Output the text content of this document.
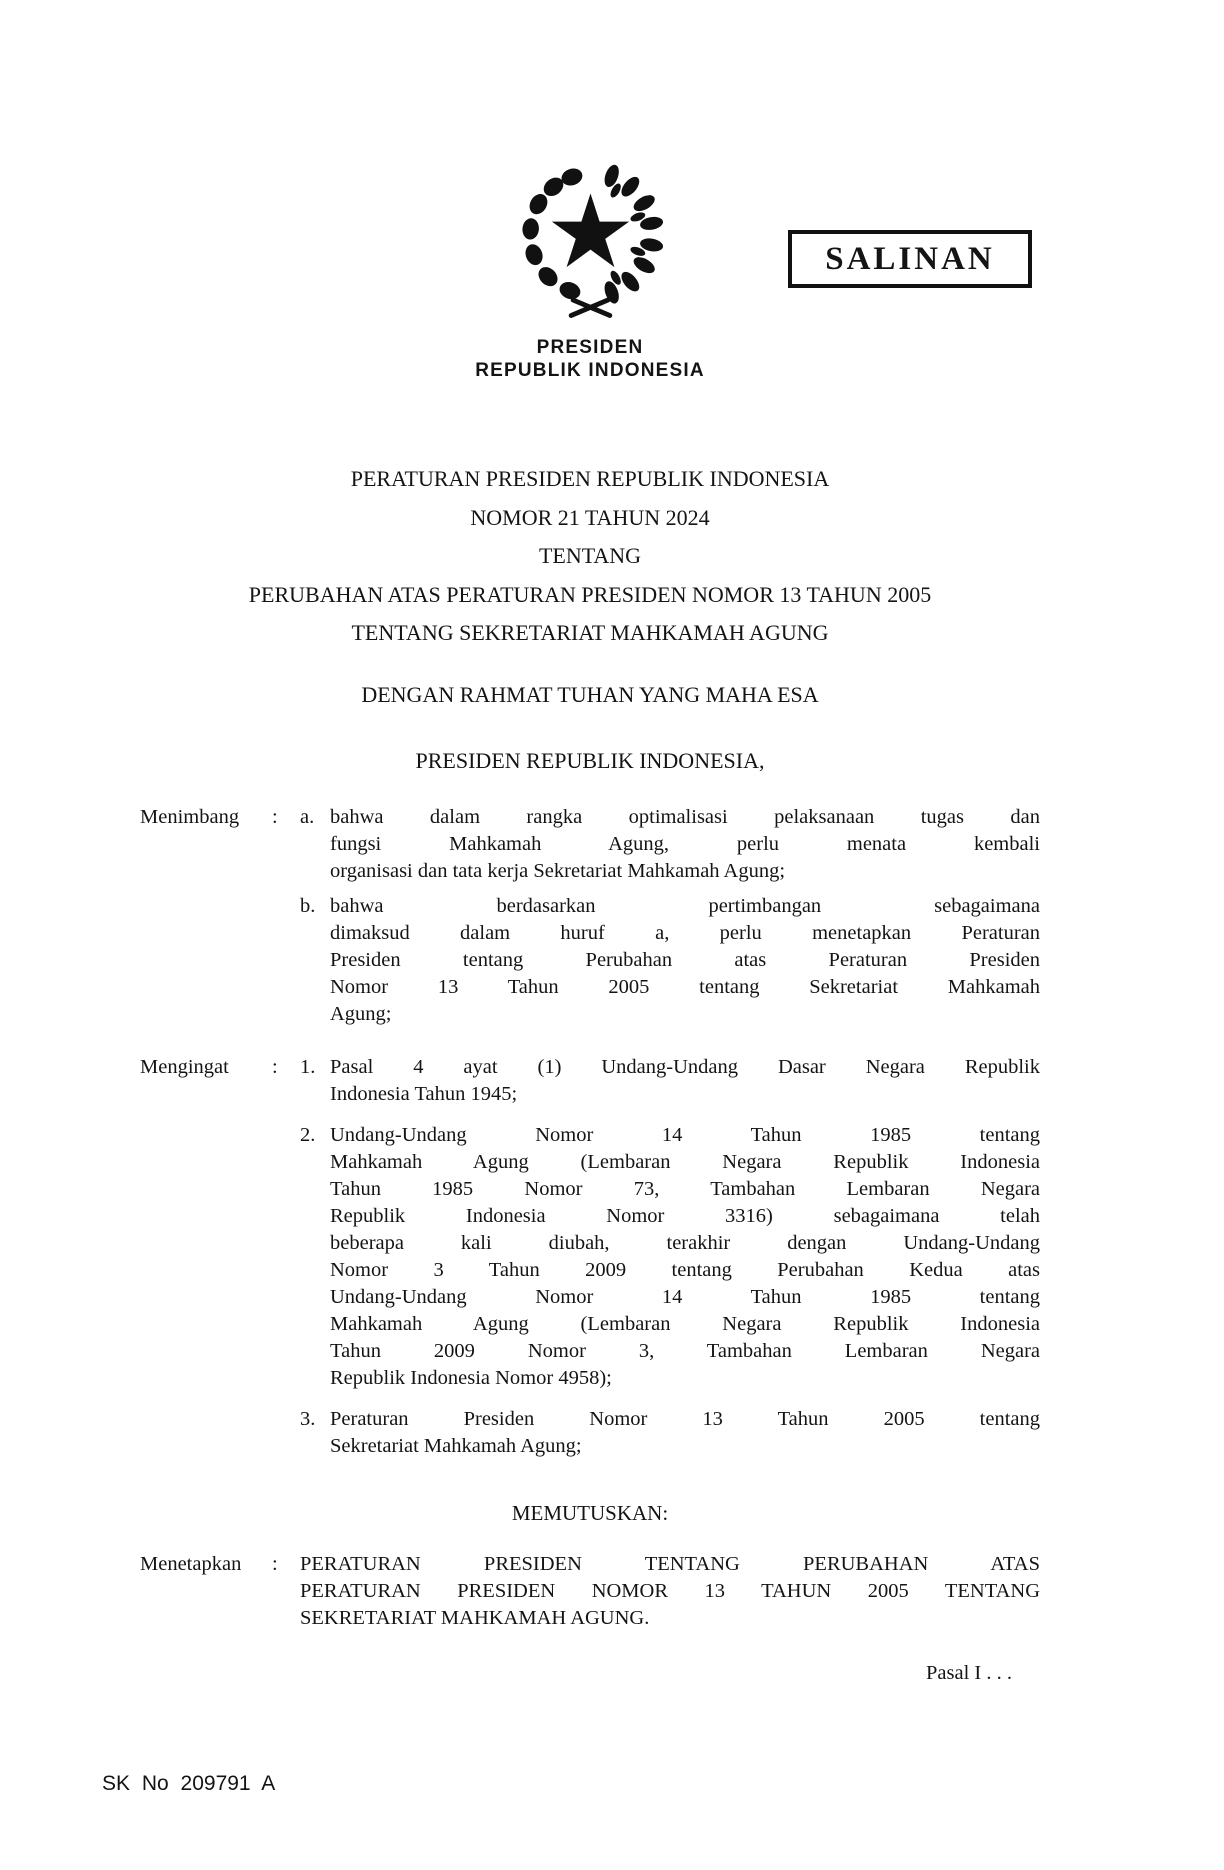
SALINAN
PRESIDEN
REPUBLIK INDONESIA
PERATURAN PRESIDEN REPUBLIK INDONESIA
NOMOR 21 TAHUN 2024
TENTANG
PERUBAHAN ATAS PERATURAN PRESIDEN NOMOR 13 TAHUN 2005
TENTANG SEKRETARIAT MAHKAMAH AGUNG
DENGAN RAHMAT TUHAN YANG MAHA ESA
PRESIDEN REPUBLIK INDONESIA,
Menimbang	:	a. bahwa dalam rangka optimalisasi pelaksanaan tugas dan
fungsi Mahkamah Agung, perlu menata kembali
organisasi dan tata kerja Sekretariat Mahkamah Agung;
b. bahwa berdasarkan pertimbangan sebagaimana
dimaksud dalam huruf a, perlu menetapkan Peraturan
Presiden tentang Perubahan atas Peraturan Presiden
Nomor 13 Tahun 2005 tentang Sekretariat Mahkamah
Agung;
Mengingat	:	1. Pasal 4 ayat (1) Undang-Undang Dasar Negara Republik
Indonesia Tahun 1945;
2. Undang-Undang Nomor 14 Tahun 1985 tentang
Mahkamah Agung (Lembaran Negara Republik Indonesia
Tahun 1985 Nomor 73, Tambahan Lembaran Negara
Republik Indonesia Nomor 3316) sebagaimana telah
beberapa kali diubah, terakhir dengan Undang-Undang
Nomor 3 Tahun 2009 tentang Perubahan Kedua atas
Undang-Undang Nomor 14 Tahun 1985 tentang
Mahkamah Agung (Lembaran Negara Republik Indonesia
Tahun 2009 Nomor 3, Tambahan Lembaran Negara
Republik Indonesia Nomor 4958);
3. Peraturan Presiden Nomor 13 Tahun 2005 tentang
Sekretariat Mahkamah Agung;
MEMUTUSKAN:
Menetapkan	:	PERATURAN PRESIDEN TENTANG PERUBAHAN ATAS
PERATURAN PRESIDEN NOMOR 13 TAHUN 2005 TENTANG
SEKRETARIAT MAHKAMAH AGUNG.
Pasal I . . .
SK No 209791 A
